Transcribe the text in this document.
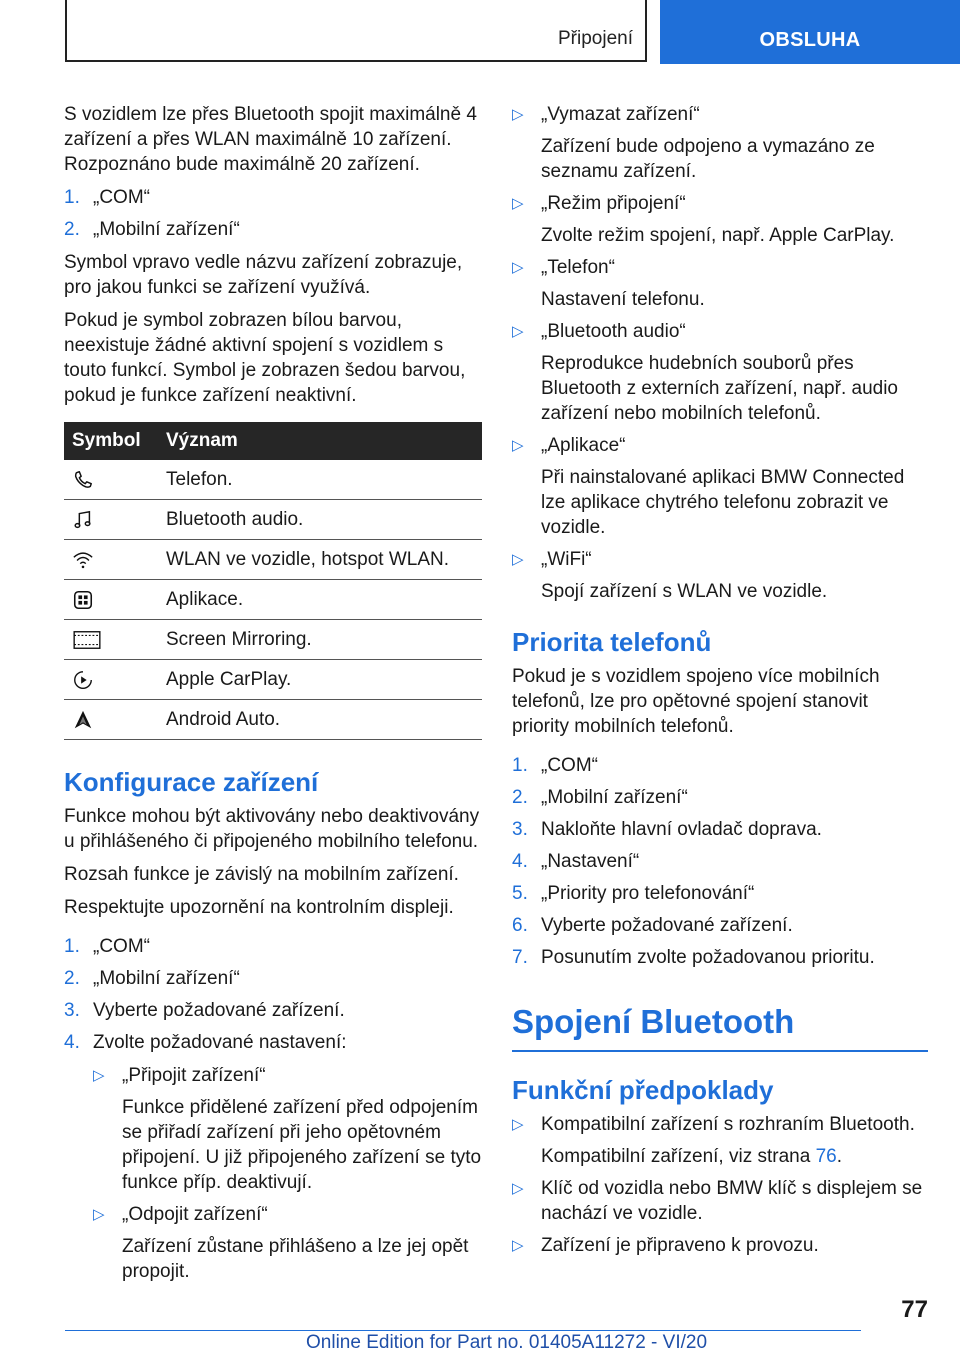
Připojení	OBSLUHA

S vozidlem lze přes Bluetooth spojit maximálně 4 zařízení a přes WLAN maximálně 10 zařízení. Rozpoznáno bude maximálně 20 zařízení.

1. „COM“
2. „Mobilní zařízení“

Symbol vpravo vedle názvu zařízení zobrazuje, pro jakou funkci se zařízení využívá.

Pokud je symbol zobrazen bílou barvou, neexistuje žádné aktivní spojení s vozidlem s touto funkcí. Symbol je zobrazen šedou barvou, pokud je funkce zařízení neaktivní.

Symbol	Význam
Telefon.
Bluetooth audio.
WLAN ve vozidle, hotspot WLAN.
Aplikace.
Screen Mirroring.
Apple CarPlay.
Android Auto.
Konfigurace zařízení

Funkce mohou být aktivovány nebo deaktivovány u přihlášeného či připojeného mobilního telefonu.

Rozsah funkce je závislý na mobilním zařízení.

Respektujte upozornění na kontrolním displeji.

1. „COM“
2. „Mobilní zařízení“
3. Vyberte požadované zařízení.
4. Zvolte požadované nastavení:
▷ „Připojit zařízení“
Funkce přidělené zařízení před odpojením se přiřadí zařízení při jeho opětovném připojení. U již připojeného zařízení se tyto funkce příp. deaktivují.
▷ „Odpojit zařízení“
Zařízení zůstane přihlášeno a lze jej opět propojit.
▷ „Vymazat zařízení“
Zařízení bude odpojeno a vymazáno ze seznamu zařízení.
▷ „Režim připojení“
Zvolte režim spojení, např. Apple CarPlay.
▷ „Telefon“
Nastavení telefonu.
▷ „Bluetooth audio“
Reprodukce hudebních souborů přes Bluetooth z externích zařízení, např. audio zařízení nebo mobilních telefonů.
▷ „Aplikace“
Při nainstalované aplikaci BMW Connected lze aplikace chytrého telefonu zobrazit ve vozidle.
▷ „WiFi“
Spojí zařízení s WLAN ve vozidle.
Priorita telefonů

Pokud je s vozidlem spojeno více mobilních telefonů, lze pro opětovné spojení stanovit priority mobilních telefonů.

1. „COM“
2. „Mobilní zařízení“
3. Nakloňte hlavní ovladač doprava.
4. „Nastavení“
5. „Priority pro telefonování“
6. Vyberte požadované zařízení.
7. Posunutím zvolte požadovanou prioritu.
Spojení Bluetooth
Funkční předpoklady
▷ Kompatibilní zařízení s rozhraním Bluetooth.
Kompatibilní zařízení, viz strana 76.
▷ Klíč od vozidla nebo BMW klíč s displejem se nachází ve vozidle.
▷ Zařízení je připraveno k provozu.
77
Online Edition for Part no. 01405A11272 - VI/20
